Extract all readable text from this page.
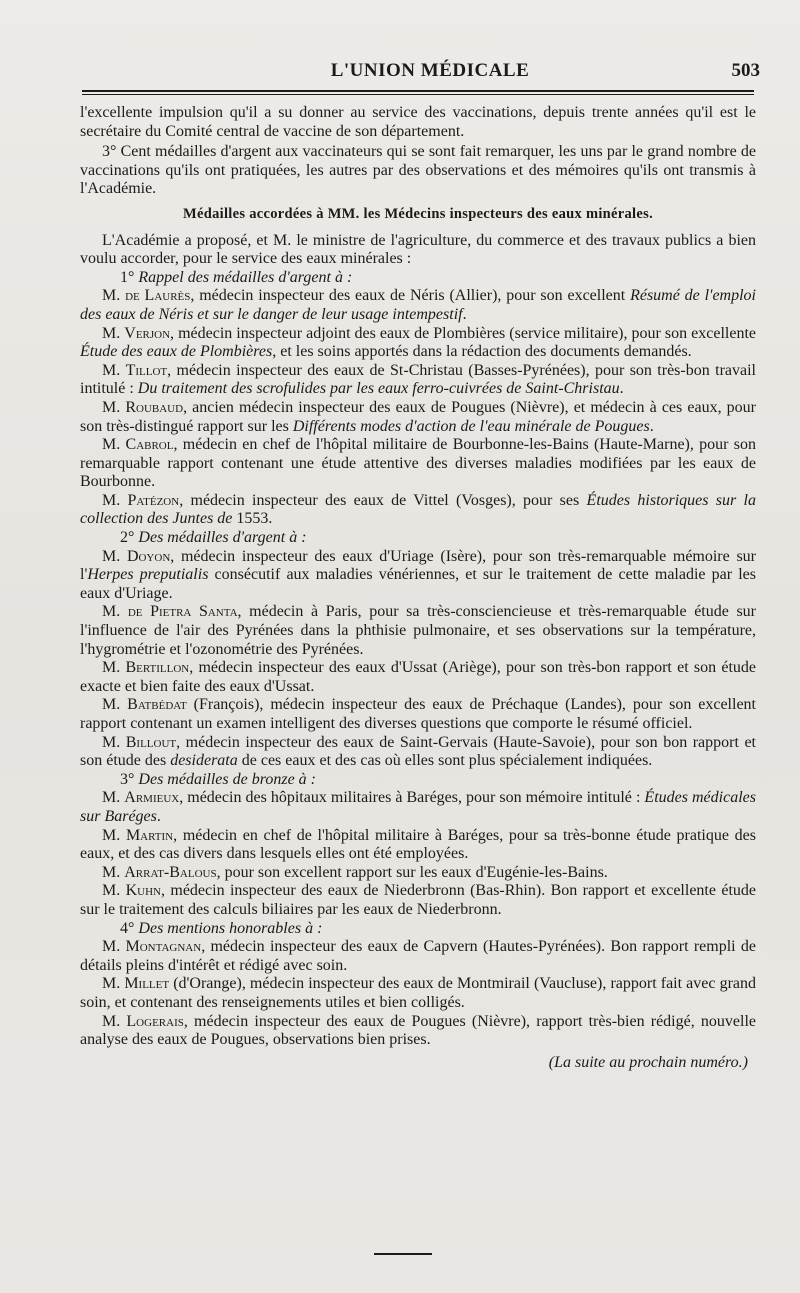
L'UNION MÉDICALE	503

l'excellente impulsion qu'il a su donner au service des vaccinations, depuis trente années qu'il est le secrétaire du Comité central de vaccine de son département.

3° Cent médailles d'argent aux vaccinateurs qui se sont fait remarquer, les uns par le grand nombre de vaccinations qu'ils ont pratiquées, les autres par des observations et des mémoires qu'ils ont transmis à l'Académie.

Médailles accordées à MM. les Médecins inspecteurs des eaux minérales.

L'Académie a proposé, et M. le ministre de l'agriculture, du commerce et des travaux publics a bien voulu accorder, pour le service des eaux minérales :

1° Rappel des médailles d'argent à :

M. de Laurès, médecin inspecteur des eaux de Néris (Allier), pour son excellent Résumé de l'emploi des eaux de Néris et sur le danger de leur usage intempestif.

M. Verjon, médecin inspecteur adjoint des eaux de Plombières (service militaire), pour son excellente Étude des eaux de Plombières, et les soins apportés dans la rédaction des documents demandés.

M. Tillot, médecin inspecteur des eaux de St-Christau (Basses-Pyrénées), pour son très-bon travail intitulé : Du traitement des scrofulides par les eaux ferro-cuivrées de Saint-Christau.

M. Roubaud, ancien médecin inspecteur des eaux de Pougues (Nièvre), et médecin à ces eaux, pour son très-distingué rapport sur les Différents modes d'action de l'eau minérale de Pougues.

M. Cabrol, médecin en chef de l'hôpital militaire de Bourbonne-les-Bains (Haute-Marne), pour son remarquable rapport contenant une étude attentive des diverses maladies modifiées par les eaux de Bourbonne.

M. Patézon, médecin inspecteur des eaux de Vittel (Vosges), pour ses Études historiques sur la collection des Juntes de 1553.

2° Des médailles d'argent à :

M. Doyon, médecin inspecteur des eaux d'Uriage (Isère), pour son très-remarquable mémoire sur l'Herpes preputialis consécutif aux maladies vénériennes, et sur le traitement de cette maladie par les eaux d'Uriage.

M. de Pietra Santa, médecin à Paris, pour sa très-consciencieuse et très-remarquable étude sur l'influence de l'air des Pyrénées dans la phthisie pulmonaire, et ses observations sur la température, l'hygrométrie et l'ozonométrie des Pyrénées.

M. Bertillon, médecin inspecteur des eaux d'Ussat (Ariège), pour son très-bon rapport et son étude exacte et bien faite des eaux d'Ussat.

M. Batbédat (François), médecin inspecteur des eaux de Préchaque (Landes), pour son excellent rapport contenant un examen intelligent des diverses questions que comporte le résumé officiel.

M. Billout, médecin inspecteur des eaux de Saint-Gervais (Haute-Savoie), pour son bon rapport et son étude des desiderata de ces eaux et des cas où elles sont plus spécialement indiquées.

3° Des médailles de bronze à :

M. Armieux, médecin des hôpitaux militaires à Baréges, pour son mémoire intitulé : Études médicales sur Baréges.

M. Martin, médecin en chef de l'hôpital militaire à Baréges, pour sa très-bonne étude pratique des eaux, et des cas divers dans lesquels elles ont été employées.

M. Arrat-Balous, pour son excellent rapport sur les eaux d'Eugénie-les-Bains.

M. Kuhn, médecin inspecteur des eaux de Niederbronn (Bas-Rhin). Bon rapport et excellente étude sur le traitement des calculs biliaires par les eaux de Niederbronn.

4° Des mentions honorables à :

M. Montagnan, médecin inspecteur des eaux de Capvern (Hautes-Pyrénées). Bon rapport rempli de détails pleins d'intérêt et rédigé avec soin.

M. Millet (d'Orange), médecin inspecteur des eaux de Montmirail (Vaucluse), rapport fait avec grand soin, et contenant des renseignements utiles et bien colligés.

M. Logerais, médecin inspecteur des eaux de Pougues (Nièvre), rapport très-bien rédigé, nouvelle analyse des eaux de Pougues, observations bien prises.

(La suite au prochain numéro.)
